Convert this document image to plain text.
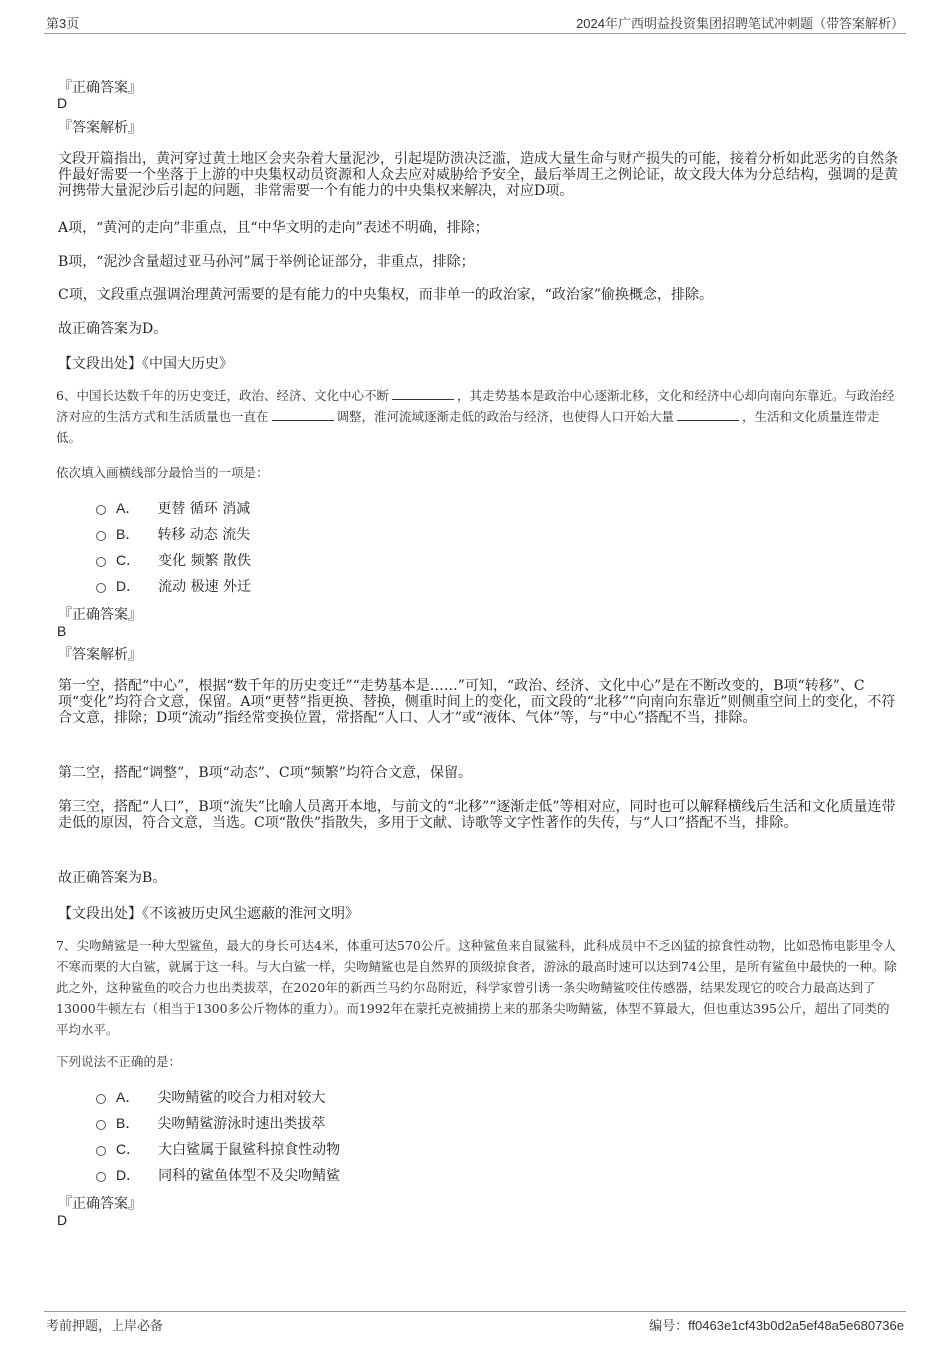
第3页	2024年广西明益投资集团招聘笔试冲刺题（带答案解析）
『正确答案』
D
『答案解析』
文段开篇指出，黄河穿过黄土地区会夹杂着大量泥沙，引起堤防溃决泛滥，造成大量生命与财产损失的可能，接着分析如此恶劣的自然条件最好需要一个坐落于上游的中央集权动员资源和人众去应对威胁给予安全，最后举周王之例论证，故文段大体为分总结构，强调的是黄河携带大量泥沙后引起的问题，非常需要一个有能力的中央集权来解决，对应D项。
A项，“黄河的走向”非重点，且“中华文明的走向”表述不明确，排除；
B项，“泥沙含量超过亚马孙河”属于举例论证部分，非重点，排除；
C项，文段重点强调治理黄河需要的是有能力的中央集权，而非单一的政治家，“政治家”偷换概念，排除。
故正确答案为D。
【文段出处】《中国大历史》
6、中国长达数千年的历史变迁，政治、经济、文化中心不断	，其走势基本是政治中心逐渐北移，文化和经济中心却向南向东靠近。与政治经济对应的生活方式和生活质量也一直在	调整，淮河流域逐渐走低的政治与经济，也使得人口开始大量	，生活和文化质量连带走低。
依次填入画横线部分最恰当的一项是：
A． 更替 循环 消减
B． 转移 动态 流失
C． 变化 频繁 散佚
D． 流动 极速 外迁
『正确答案』
B
『答案解析』
第一空，搭配“中心”，根据“数千年的历史变迁”“走势基本是……”可知，“政治、经济、文化中心”是在不断改变的，B项“转移”、C项“变化”均符合文意，保留。A项“更替”指更换、替换，侧重时间上的变化，而文段的“北移”“向南向东靠近”则侧重空间上的变化，不符合文意，排除；D项“流动”指经常变换位置，常搭配“人口、人才”或“液体、气体”等，与“中心”搭配不当，排除。
第二空，搭配“调整”，B项“动态”、C项“频繁”均符合文意，保留。
第三空，搭配“人口”，B项“流失”比喻人员离开本地，与前文的“北移”“逐渐走低”等相对应，同时也可以解释横线后生活和文化质量连带走低的原因，符合文意，当选。C项“散佚”指散失，多用于文献、诗歌等文字性著作的失传，与“人口”搭配不当，排除。
故正确答案为B。
【文段出处】《不该被历史风尘遮蔽的淮河文明》
7、尖吻鲭鲨是一种大型鲨鱼，最大的身长可达4米，体重可达570公斤。这种鲨鱼来自鼠鲨科，此科成员中不乏凶猛的掠食性动物，比如恐怖电影里令人不寒而栗的大白鲨，就属于这一科。与大白鲨一样，尖吻鲭鲨也是自然界的顶级掠食者，游泳的最高时速可以达到74公里，是所有鲨鱼中最快的一种。除此之外，这种鲨鱼的咬合力也出类拔萃，在2020年的新西兰马约尔岛附近，科学家曾引诱一条尖吻鲭鲨咬住传感器，结果发现它的咬合力最高达到了13000牛顿左右（相当于1300多公斤物体的重力）。而1992年在蒙托克被捕捞上来的那条尖吻鲭鲨，体型不算最大，但也重达395公斤，超出了同类的平均水平。
下列说法不正确的是：
A． 尖吻鲭鲨的咬合力相对较大
B． 尖吻鲭鲨游泳时速出类拔萃
C． 大白鲨属于鼠鲨科掠食性动物
D． 同科的鲨鱼体型不及尖吻鲭鲨
『正确答案』
D
考前押题，上岸必备	编号：ff0463e1cf43b0d2a5ef48a5e680736e
